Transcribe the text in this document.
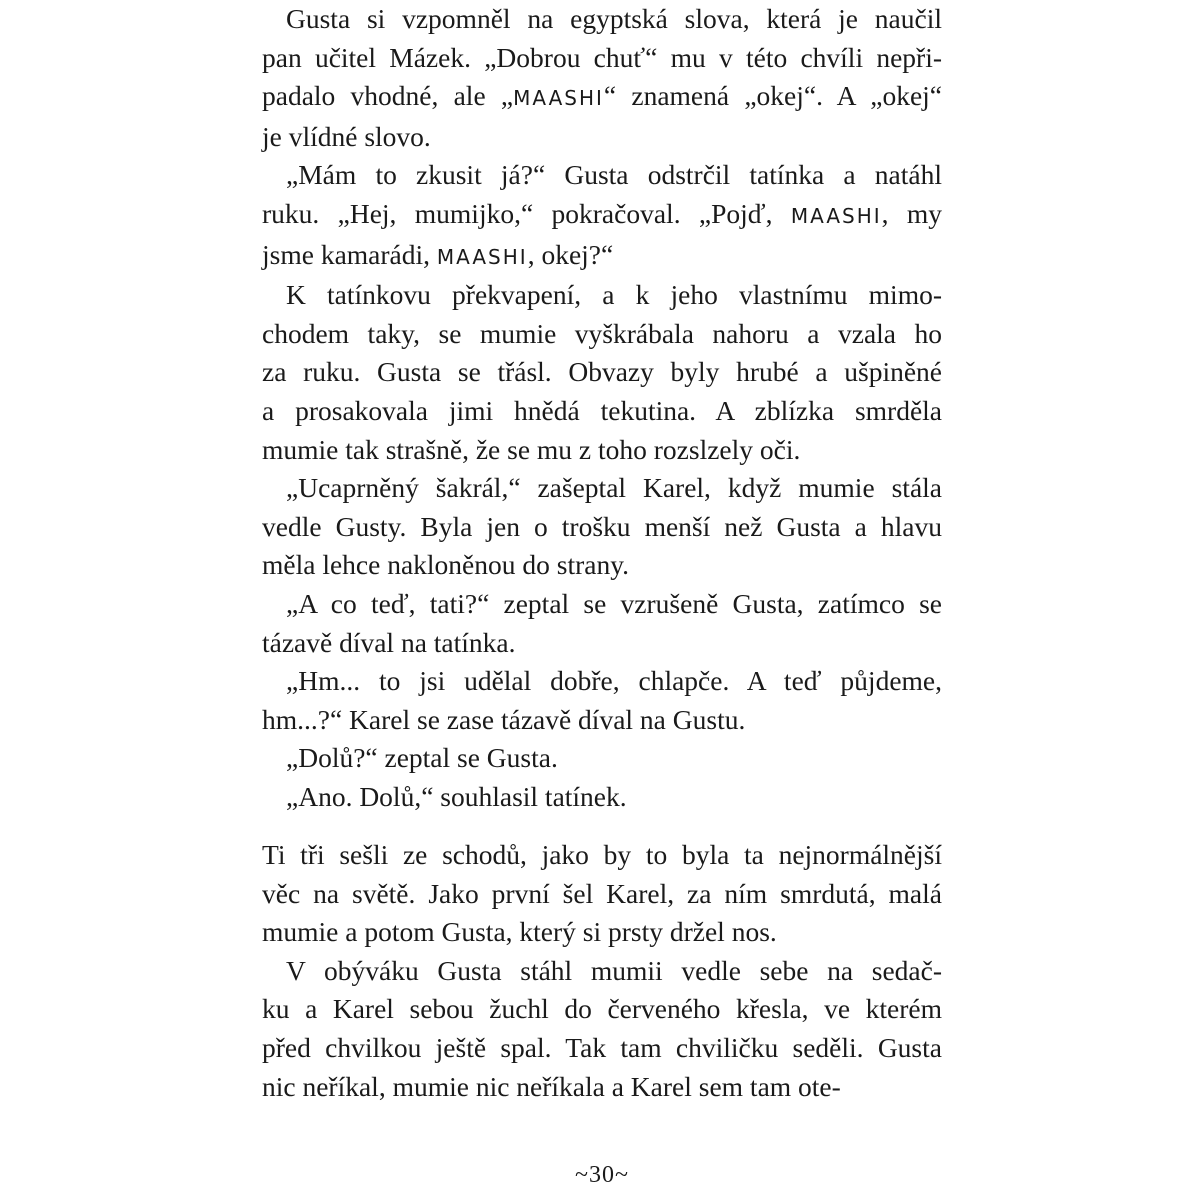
Gusta si vzpomněl na egyptská slova, která je naučil
pan učitel Mázek. „Dobrou chuť“ mu v této chvíli nepři-
padalo vhodné, ale „MAASHI“ znamená „okej“. A „okej“
je vlídné slovo.
„Mám to zkusit já?“ Gusta odstrčil tatínka a natáhl
ruku. „Hej, mumijko,“ pokračoval. „Pojď, MAASHI, my
jsme kamarádi, MAASHI, okej?“
K tatínkovu překvapení, a k jeho vlastnímu mimo-
chodem taky, se mumie vyškrábala nahoru a vzala ho
za ruku. Gusta se třásl. Obvazy byly hrubé a ušpiněné
a prosakovala jimi hnědá tekutina. A zblízka smrděla
mumie tak strašně, že se mu z toho rozslzely oči.
„Ucaprněný šakrál,“ zašeptal Karel, když mumie stála
vedle Gusty. Byla jen o trošku menší než Gusta a hlavu
měla lehce nakloněnou do strany.
„A co teď, tati?“ zeptal se vzrušeně Gusta, zatímco se
tázavě díval na tatínka.
„Hm... to jsi udělal dobře, chlapče. A teď půjdeme,
hm...?“ Karel se zase tázavě díval na Gustu.
„Dolů?“ zeptal se Gusta.
„Ano. Dolů,“ souhlasil tatínek.
Ti tři sešli ze schodů, jako by to byla ta nejnormálnější
věc na světě. Jako první šel Karel, za ním smrdutá, malá
mumie a potom Gusta, který si prsty držel nos.
V obýváku Gusta stáhl mumii vedle sebe na sedač-
ku a Karel sebou žuchl do červeného křesla, ve kterém
před chvilkou ještě spal. Tak tam chviličku seděli. Gusta
nic neříkal, mumie nic neříkala a Karel sem tam ote-
~30~
